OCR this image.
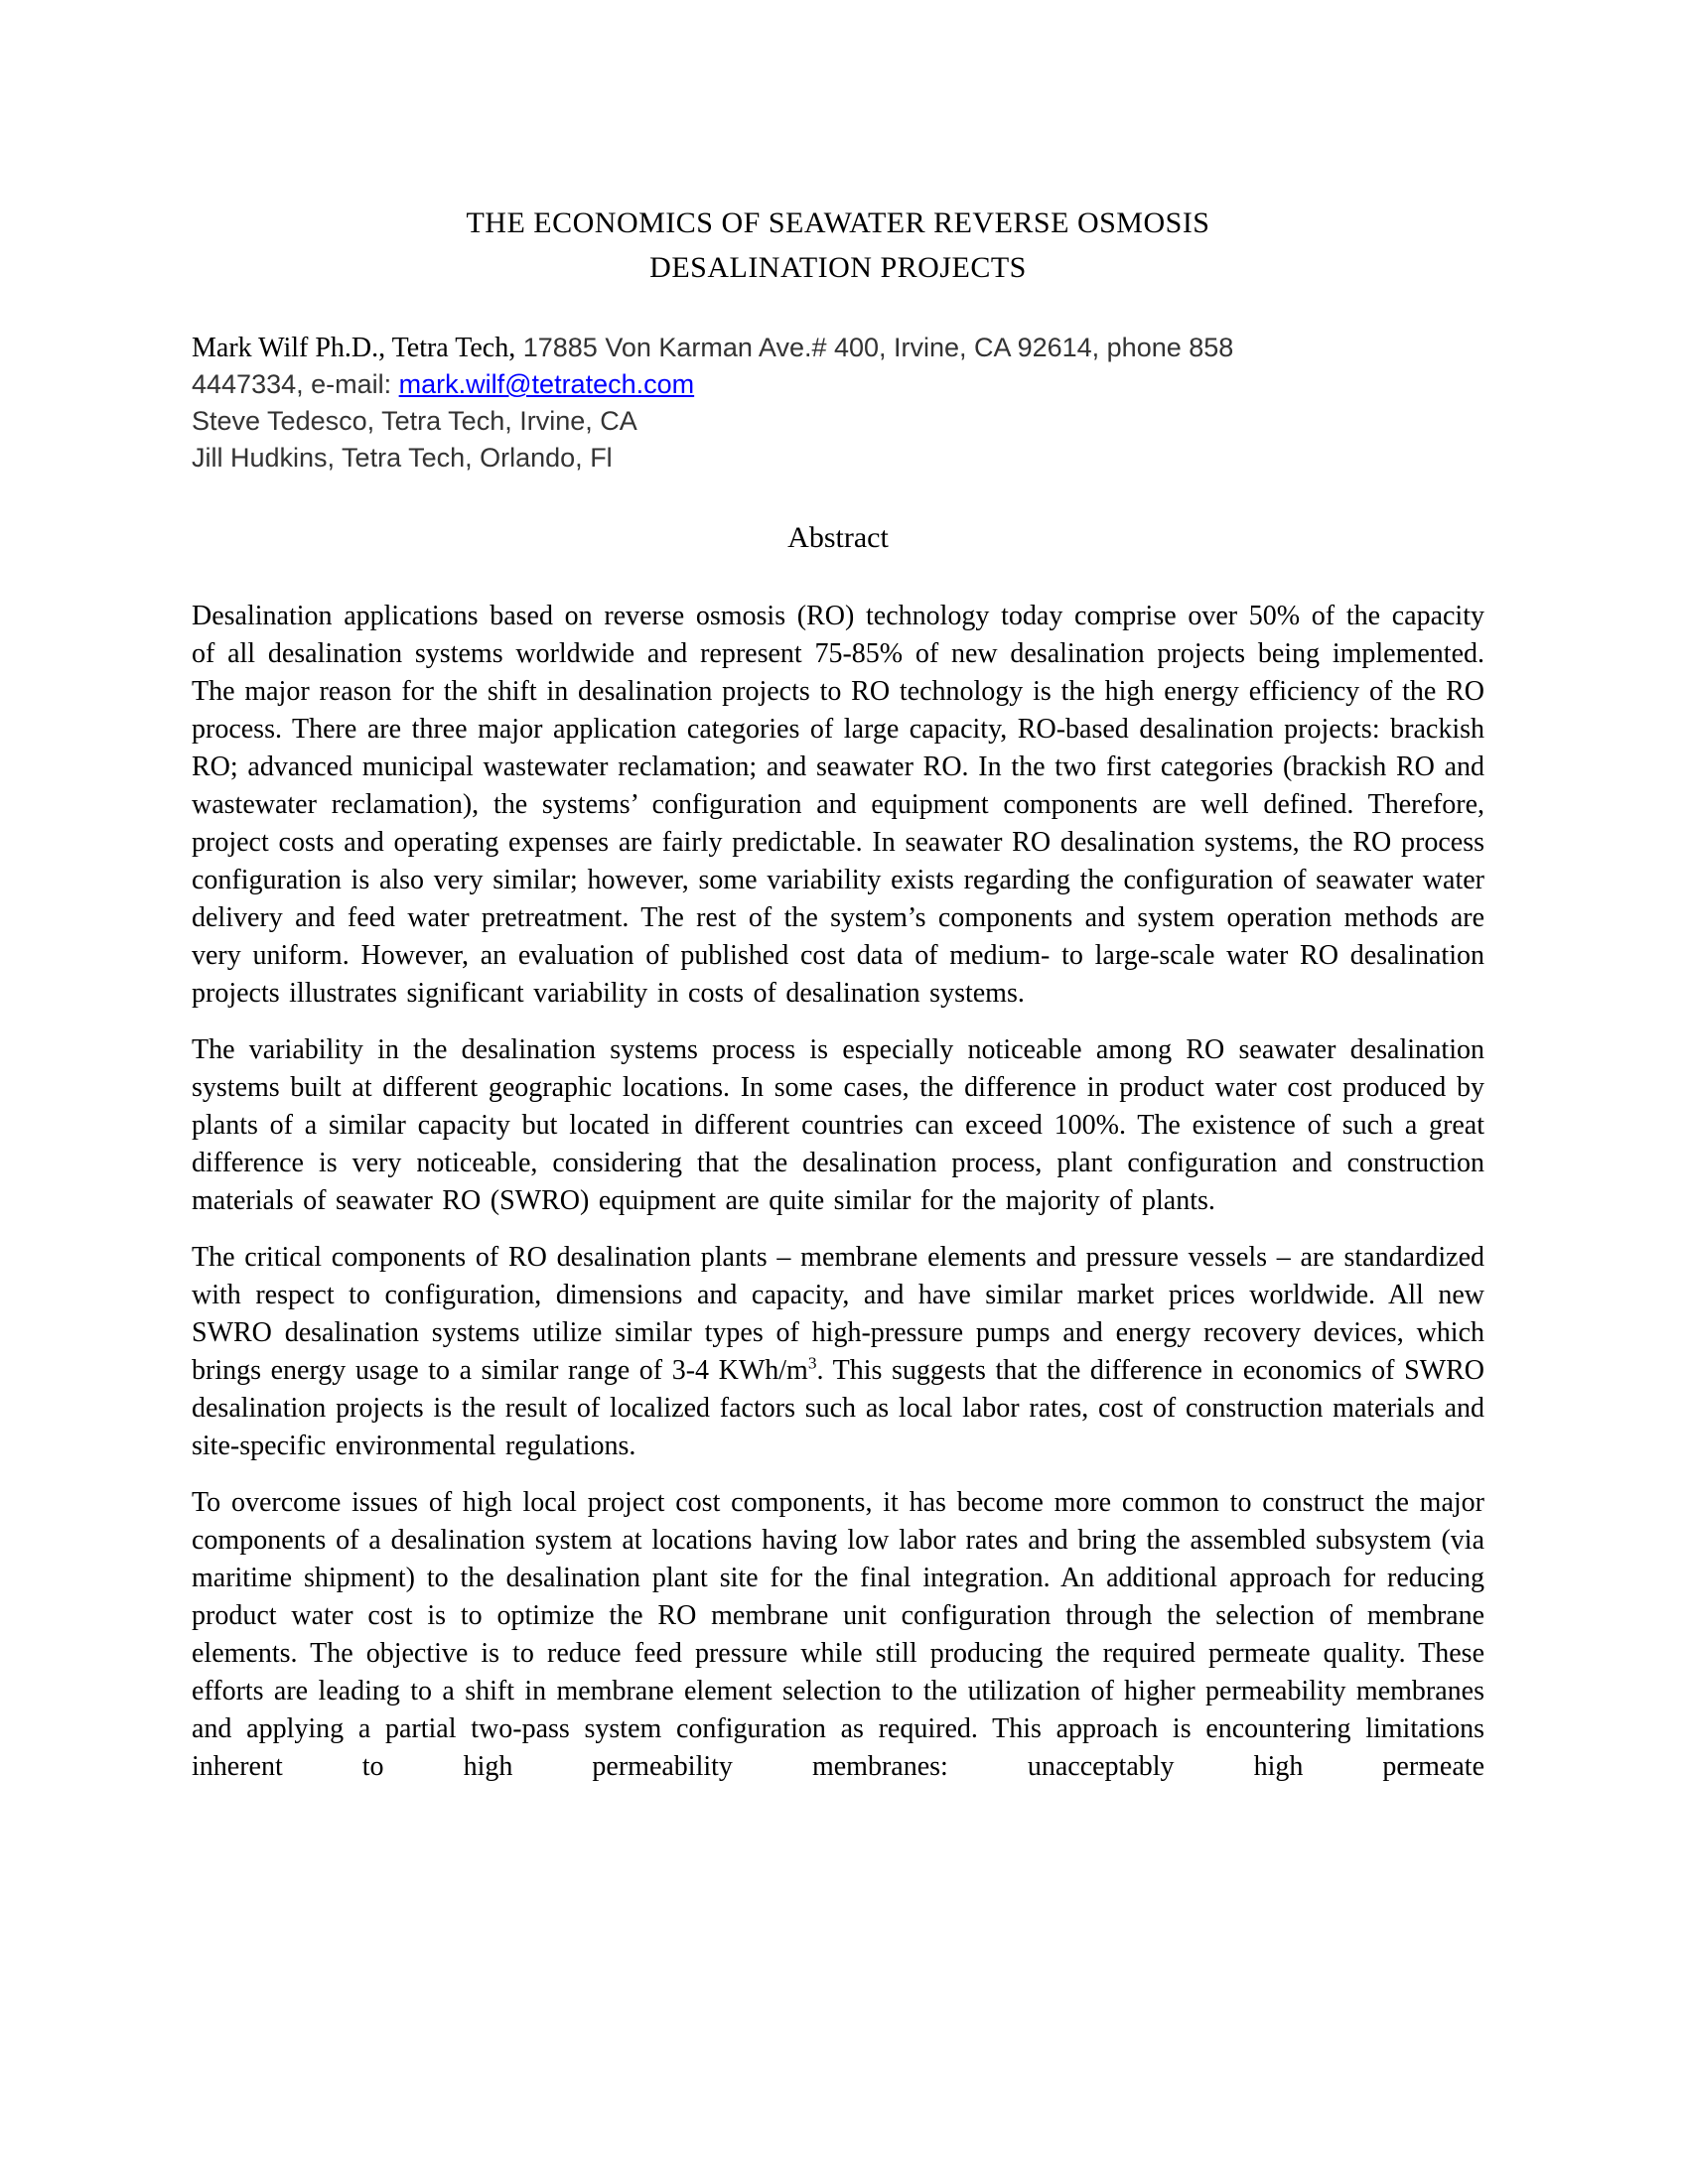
THE ECONOMICS OF SEAWATER REVERSE OSMOSIS
DESALINATION PROJECTS
Mark Wilf Ph.D., Tetra Tech, 17885 Von Karman Ave.# 400, Irvine, CA 92614, phone 858
4447334, e-mail: mark.wilf@tetratech.com
Steve Tedesco, Tetra Tech, Irvine, CA
Jill Hudkins, Tetra Tech, Orlando, Fl
Abstract

Desalination applications based on reverse osmosis (RO) technology today comprise over 50% of the capacity of all desalination systems worldwide and represent 75-85% of new desalination projects being implemented. The major reason for the shift in desalination projects to RO technology is the high energy efficiency of the RO process. There are three major application categories of large capacity, RO-based desalination projects: brackish RO; advanced municipal wastewater reclamation; and seawater RO. In the two first categories (brackish RO and wastewater reclamation), the systems’ configuration and equipment components are well defined. Therefore, project costs and operating expenses are fairly predictable. In seawater RO desalination systems, the RO process configuration is also very similar; however, some variability exists regarding the configuration of seawater water delivery and feed water pretreatment. The rest of the system’s components and system operation methods are very uniform. However, an evaluation of published cost data of medium- to large-scale water RO desalination projects illustrates significant variability in costs of desalination systems.

The variability in the desalination systems process is especially noticeable among RO seawater desalination systems built at different geographic locations. In some cases, the difference in product water cost produced by plants of a similar capacity but located in different countries can exceed 100%. The existence of such a great difference is very noticeable, considering that the desalination process, plant configuration and construction materials of seawater RO (SWRO) equipment are quite similar for the majority of plants.

The critical components of RO desalination plants – membrane elements and pressure vessels – are standardized with respect to configuration, dimensions and capacity, and have similar market prices worldwide. All new SWRO desalination systems utilize similar types of high-pressure pumps and energy recovery devices, which brings energy usage to a similar range of 3-4 KWh/$m^3$. This suggests that the difference in economics of SWRO desalination projects is the result of localized factors such as local labor rates, cost of construction materials and site-specific environmental regulations.

To overcome issues of high local project cost components, it has become more common to construct the major components of a desalination system at locations having low labor rates and bring the assembled subsystem (via maritime shipment) to the desalination plant site for the final integration. An additional approach for reducing product water cost is to optimize the RO membrane unit configuration through the selection of membrane elements. The objective is to reduce feed pressure while still producing the required permeate quality. These efforts are leading to a shift in membrane element selection to the utilization of higher permeability membranes and applying a partial two-pass system configuration as required. This approach is encountering limitations inherent to high permeability membranes: unacceptably high permeate
